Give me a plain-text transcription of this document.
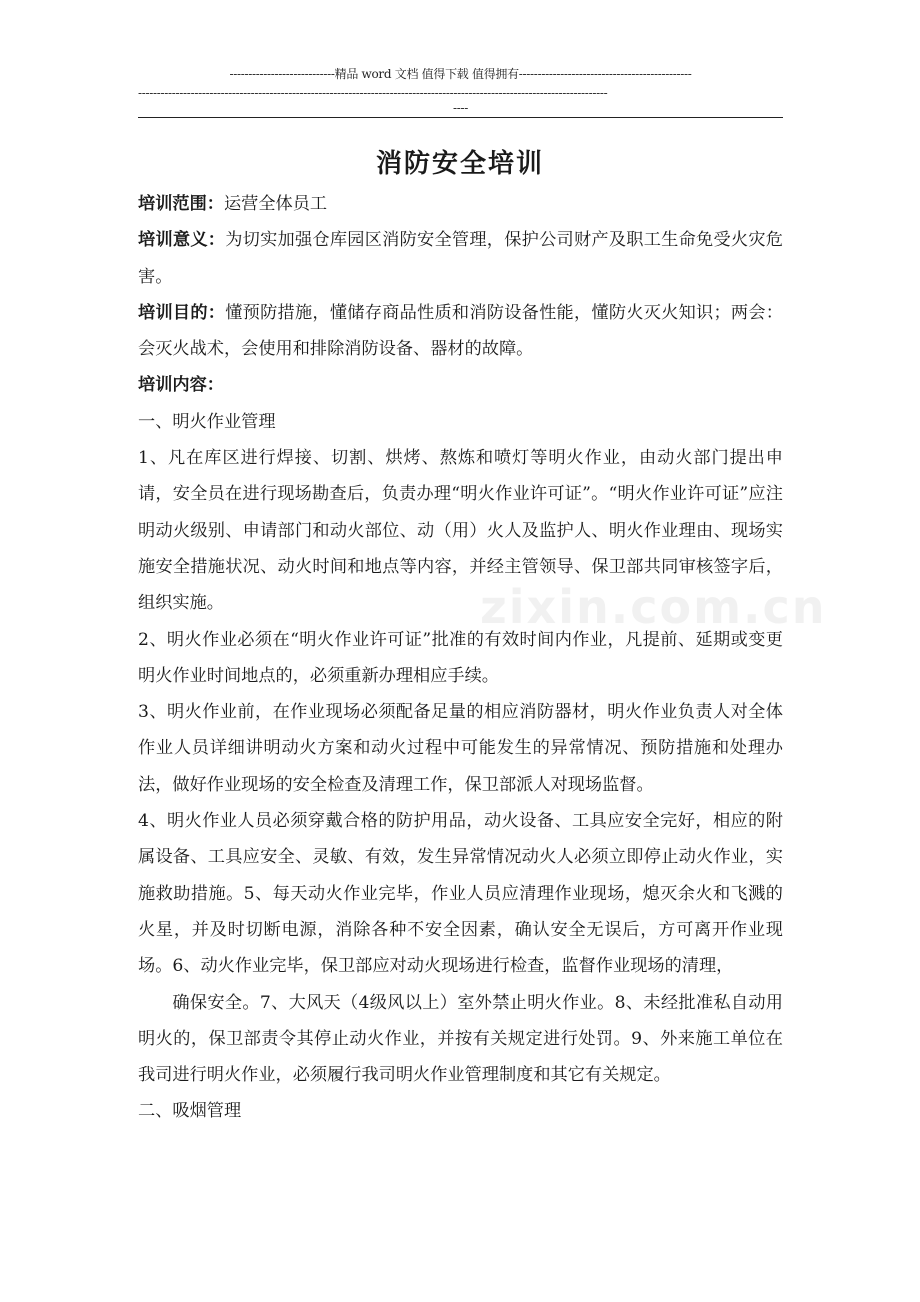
----------------------------精品 word 文档 值得下载 值得拥有----------------------------------------------
-----------------------------------------------------------------------------------------------------------------------------
----
zixin.com.cn
消防安全培训

培训范围：运营全体员工

培训意义：为切实加强仓库园区消防安全管理，保护公司财产及职工生命免受火灾危害。

培训目的：懂预防措施，懂储存商品性质和消防设备性能，懂防火灭火知识；两会：会灭火战术，会使用和排除消防设备、器材的故障。

培训内容：

一、明火作业管理

1、凡在库区进行焊接、切割、烘烤、熬炼和喷灯等明火作业，由动火部门提出申请，安全员在进行现场勘查后，负责办理“明火作业许可证”。“明火作业许可证”应注明动火级别、申请部门和动火部位、动（用）火人及监护人、明火作业理由、现场实施安全措施状况、动火时间和地点等内容，并经主管领导、保卫部共同审核签字后，组织实施。

2、明火作业必须在“明火作业许可证”批准的有效时间内作业，凡提前、延期或变更明火作业时间地点的，必须重新办理相应手续。

3、明火作业前，在作业现场必须配备足量的相应消防器材，明火作业负责人对全体作业人员详细讲明动火方案和动火过程中可能发生的异常情况、预防措施和处理办法，做好作业现场的安全检查及清理工作，保卫部派人对现场监督。

4、明火作业人员必须穿戴合格的防护用品，动火设备、工具应安全完好，相应的附属设备、工具应安全、灵敏、有效，发生异常情况动火人必须立即停止动火作业，实施救助措施。5、每天动火作业完毕，作业人员应清理作业现场，熄灭余火和飞溅的火星，并及时切断电源，消除各种不安全因素，确认安全无误后，方可离开作业现场。6、动火作业完毕，保卫部应对动火现场进行检查，监督作业现场的清理，

确保安全。7、大风天（4级风以上）室外禁止明火作业。8、未经批准私自动用明火的，保卫部责令其停止动火作业，并按有关规定进行处罚。9、外来施工单位在我司进行明火作业，必须履行我司明火作业管理制度和其它有关规定。

二、吸烟管理
